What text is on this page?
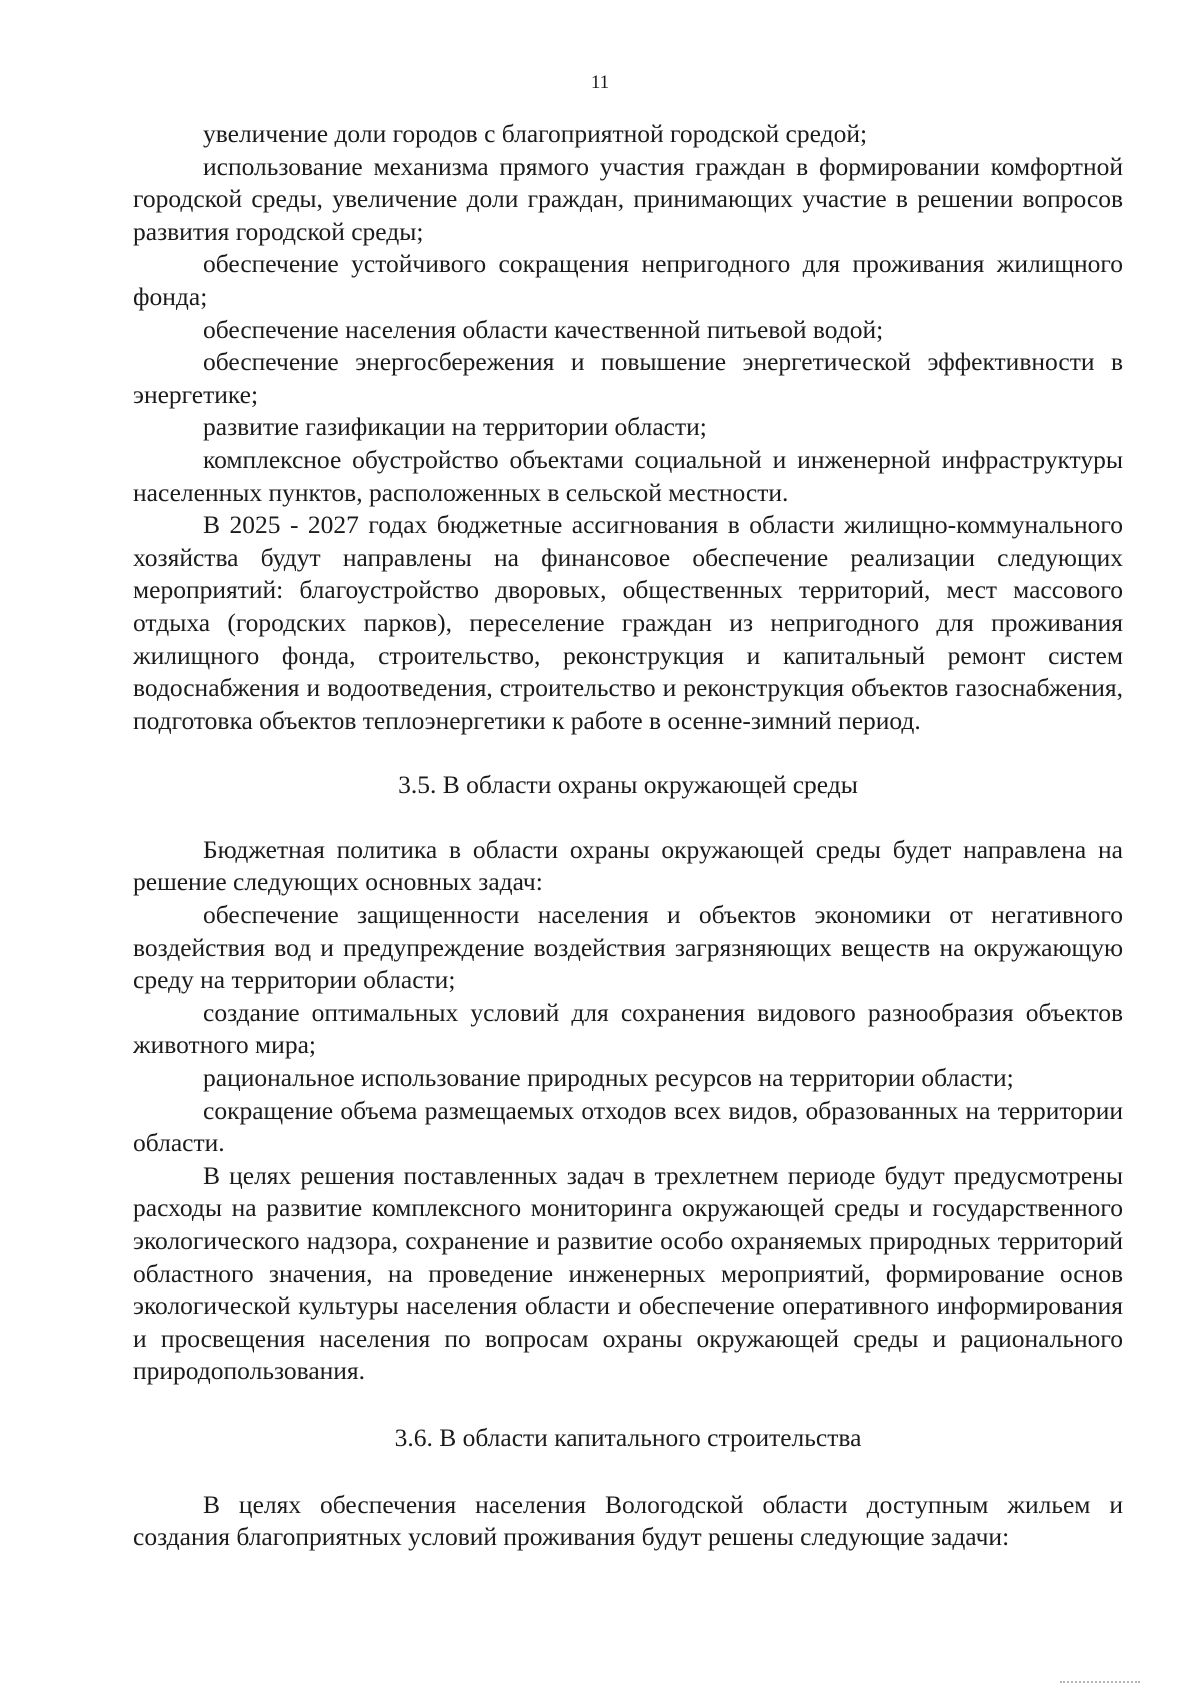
11

увеличение доли городов с благоприятной городской средой;

использование механизма прямого участия граждан в формировании комфортной городской среды, увеличение доли граждан, принимающих участие в решении вопросов развития городской среды;

обеспечение устойчивого сокращения непригодного для проживания жилищного фонда;

обеспечение населения области качественной питьевой водой;

обеспечение энергосбережения и повышение энергетической эффективности в энергетике;

развитие газификации на территории области;

комплексное обустройство объектами социальной и инженерной инфраструктуры населенных пунктов, расположенных в сельской местности.

В 2025 - 2027 годах бюджетные ассигнования в области жилищно-коммунального хозяйства будут направлены на финансовое обеспечение реализации следующих мероприятий: благоустройство дворовых, общественных территорий, мест массового отдыха (городских парков), переселение граждан из непригодного для проживания жилищного фонда, строительство, реконструкция и капитальный ремонт систем водоснабжения и водоотведения, строительство и реконструкция объектов газоснабжения, подготовка объектов теплоэнергетики к работе в осенне-зимний период.

3.5. В области охраны окружающей среды

Бюджетная политика в области охраны окружающей среды будет направлена на решение следующих основных задач:

обеспечение защищенности населения и объектов экономики от негативного воздействия вод и предупреждение воздействия загрязняющих веществ на окружающую среду на территории области;

создание оптимальных условий для сохранения видового разнообразия объектов животного мира;

рациональное использование природных ресурсов на территории области;

сокращение объема размещаемых отходов всех видов, образованных на территории области.

В целях решения поставленных задач в трехлетнем периоде будут предусмотрены расходы на развитие комплексного мониторинга окружающей среды и государственного экологического надзора, сохранение и развитие особо охраняемых природных территорий областного значения, на проведение инженерных мероприятий, формирование основ экологической культуры населения области и обеспечение оперативного информирования и просвещения населения по вопросам охраны окружающей среды и рационального природопользования.

3.6. В области капитального строительства

В целях обеспечения населения Вологодской области доступным жильем и создания благоприятных условий проживания будут решены следующие задачи:
